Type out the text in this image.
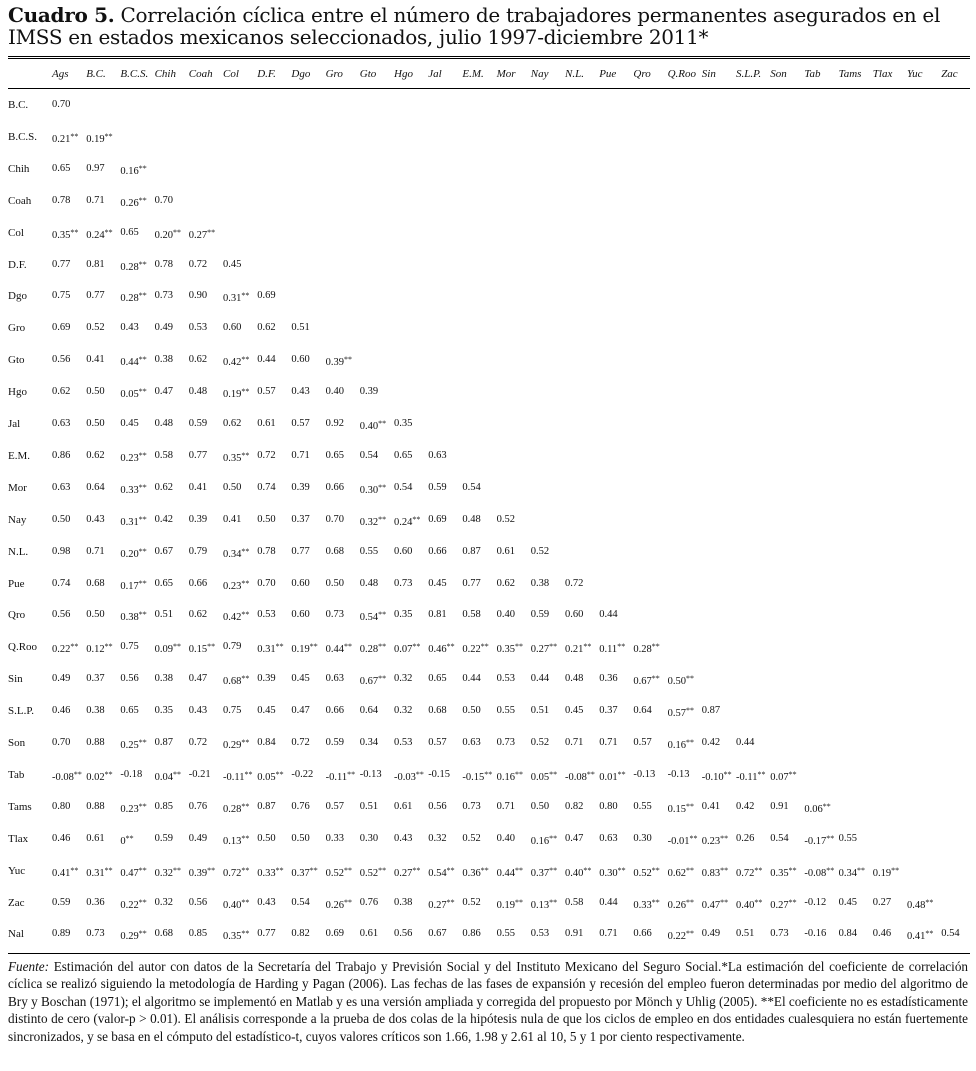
Cuadro 5. Correlación cíclica entre el número de trabajadores permanentes asegurados en el IMSS en estados mexicanos seleccionados, julio 1997-diciembre 2011*
Ags B.C. B.C.S. Chih Coah Col D.F. Dgo Gro Gto Hgo Jal E.M. Mor Nay N.L. Pue Qro Q.Roo Sin S.L.P. Son Tab Tams Tlax Yuc Zac
B.C. 0.70
B.C.S. 0.21** 0.19**
Chih 0.65 0.97 0.16**
Coah 0.78 0.71 0.26** 0.70
Col	0.35** 0.24** 0.65 0.20** 0.27**
D.F. 0.77 0.81 0.28** 0.78 0.72 0.45
Dgo 0.75 0.77 0.28** 0.73 0.90 0.31** 0.69
Gro	0.69 0.52 0.43 0.49 0.53 0.60 0.62 0.51
Gto	0.56 0.41 0.44** 0.38 0.62 0.42** 0.44 0.60 0.39**
Hgo 0.62 0.50 0.05** 0.47 0.48 0.19** 0.57 0.43 0.40 0.39
Jal	0.63 0.50 0.45 0.48 0.59 0.62 0.61 0.57 0.92 0.40** 0.35
E.M. 0.86 0.62 0.23** 0.58 0.77 0.35** 0.72 0.71 0.65 0.54 0.65 0.63
Mor 0.63 0.64 0.33** 0.62 0.41 0.50 0.74 0.39 0.66 0.30** 0.54 0.59 0.54
Nay 0.50 0.43 0.31** 0.42 0.39 0.41 0.50 0.37 0.70 0.32** 0.24** 0.69 0.48 0.52
N.L. 0.98 0.71 0.20** 0.67 0.79 0.34** 0.78 0.77 0.68 0.55 0.60 0.66 0.87 0.61 0.52
Pue	0.74 0.68 0.17** 0.65 0.66 0.23** 0.70 0.60 0.50 0.48 0.73 0.45 0.77 0.62 0.38 0.72
Qro	0.56 0.50 0.38** 0.51 0.62 0.42** 0.53 0.60 0.73 0.54** 0.35 0.81 0.58 0.40 0.59 0.60 0.44
Q.Roo 0.22** 0.12** 0.75 0.09** 0.15** 0.79 0.31** 0.19** 0.44** 0.28** 0.07** 0.46** 0.22** 0.35** 0.27** 0.21** 0.11** 0.28**
Sin	0.49 0.37 0.56 0.38 0.47 0.68** 0.39 0.45 0.63 0.67** 0.32 0.65 0.44 0.53 0.44 0.48 0.36 0.67** 0.50**
S.L.P. 0.46 0.38 0.65 0.35 0.43 0.75 0.45 0.47 0.66 0.64 0.32 0.68 0.50 0.55 0.51 0.45 0.37 0.64 0.57** 0.87
Son	0.70 0.88 0.25** 0.87 0.72 0.29** 0.84 0.72 0.59 0.34 0.53 0.57 0.63 0.73 0.52 0.71 0.71 0.57 0.16** 0.42 0.44
Tab	-0.08** 0.02** -0.18 0.04** -0.21 -0.11** 0.05** -0.22 -0.11** -0.13 -0.03** -0.15 -0.15** 0.16** 0.05** -0.08** 0.01** -0.13 -0.13 -0.10** -0.11** 0.07**
Tams 0.80 0.88 0.23** 0.85 0.76 0.28** 0.87 0.76 0.57 0.51 0.61 0.56 0.73 0.71 0.50 0.82 0.80 0.55 0.15** 0.41 0.42 0.91 0.06**
Tlax 0.46 0.61 0** 0.59 0.49 0.13** 0.50 0.50 0.33 0.30 0.43 0.32 0.52 0.40 0.16** 0.47 0.63 0.30 -0.01** 0.23** 0.26 0.54 -0.17** 0.55
Yuc	0.41** 0.31** 0.47** 0.32** 0.39** 0.72** 0.33** 0.37** 0.52** 0.52** 0.27** 0.54** 0.36** 0.44** 0.37** 0.40** 0.30** 0.52** 0.62** 0.83** 0.72** 0.35** -0.08** 0.34** 0.19**
Zac	0.59 0.36 0.22** 0.32 0.56 0.40** 0.43 0.54 0.26** 0.76 0.38 0.27** 0.52 0.19** 0.13** 0.58 0.44 0.33** 0.26** 0.47** 0.40** 0.27** -0.12 0.45 0.27 0.48**
Nal	0.89 0.73 0.29** 0.68 0.85 0.35** 0.77 0.82 0.69 0.61 0.56 0.67 0.86 0.55 0.53 0.91 0.71 0.66 0.22** 0.49 0.51 0.73 -0.16 0.84 0.46 0.41** 0.54
Fuente: Estimación del autor con datos de la Secretaría del Trabajo y Previsión Social y del Instituto Mexicano del Seguro Social.*La estimación del coeficiente de correlación cíclica se realizó siguiendo la metodología de Harding y Pagan (2006). Las fechas de las fases de expansión y recesión del empleo fueron determinadas por medio del algoritmo de Bry y Boschan (1971); el algoritmo se implementó en Matlab y es una versión ampliada y corregida del propuesto por Mönch y Uhlig (2005). **El coeficiente no es estadísticamente distinto de cero (valor-p > 0.01). El análisis corresponde a la prueba de dos colas de la hipótesis nula de que los ciclos de empleo en dos entidades cualesquiera no están fuertemente sincronizados, y se basa en el cómputo del estadístico-t, cuyos valores críticos son 1.66, 1.98 y 2.61 al 10, 5 y 1 por ciento respectivamente.
